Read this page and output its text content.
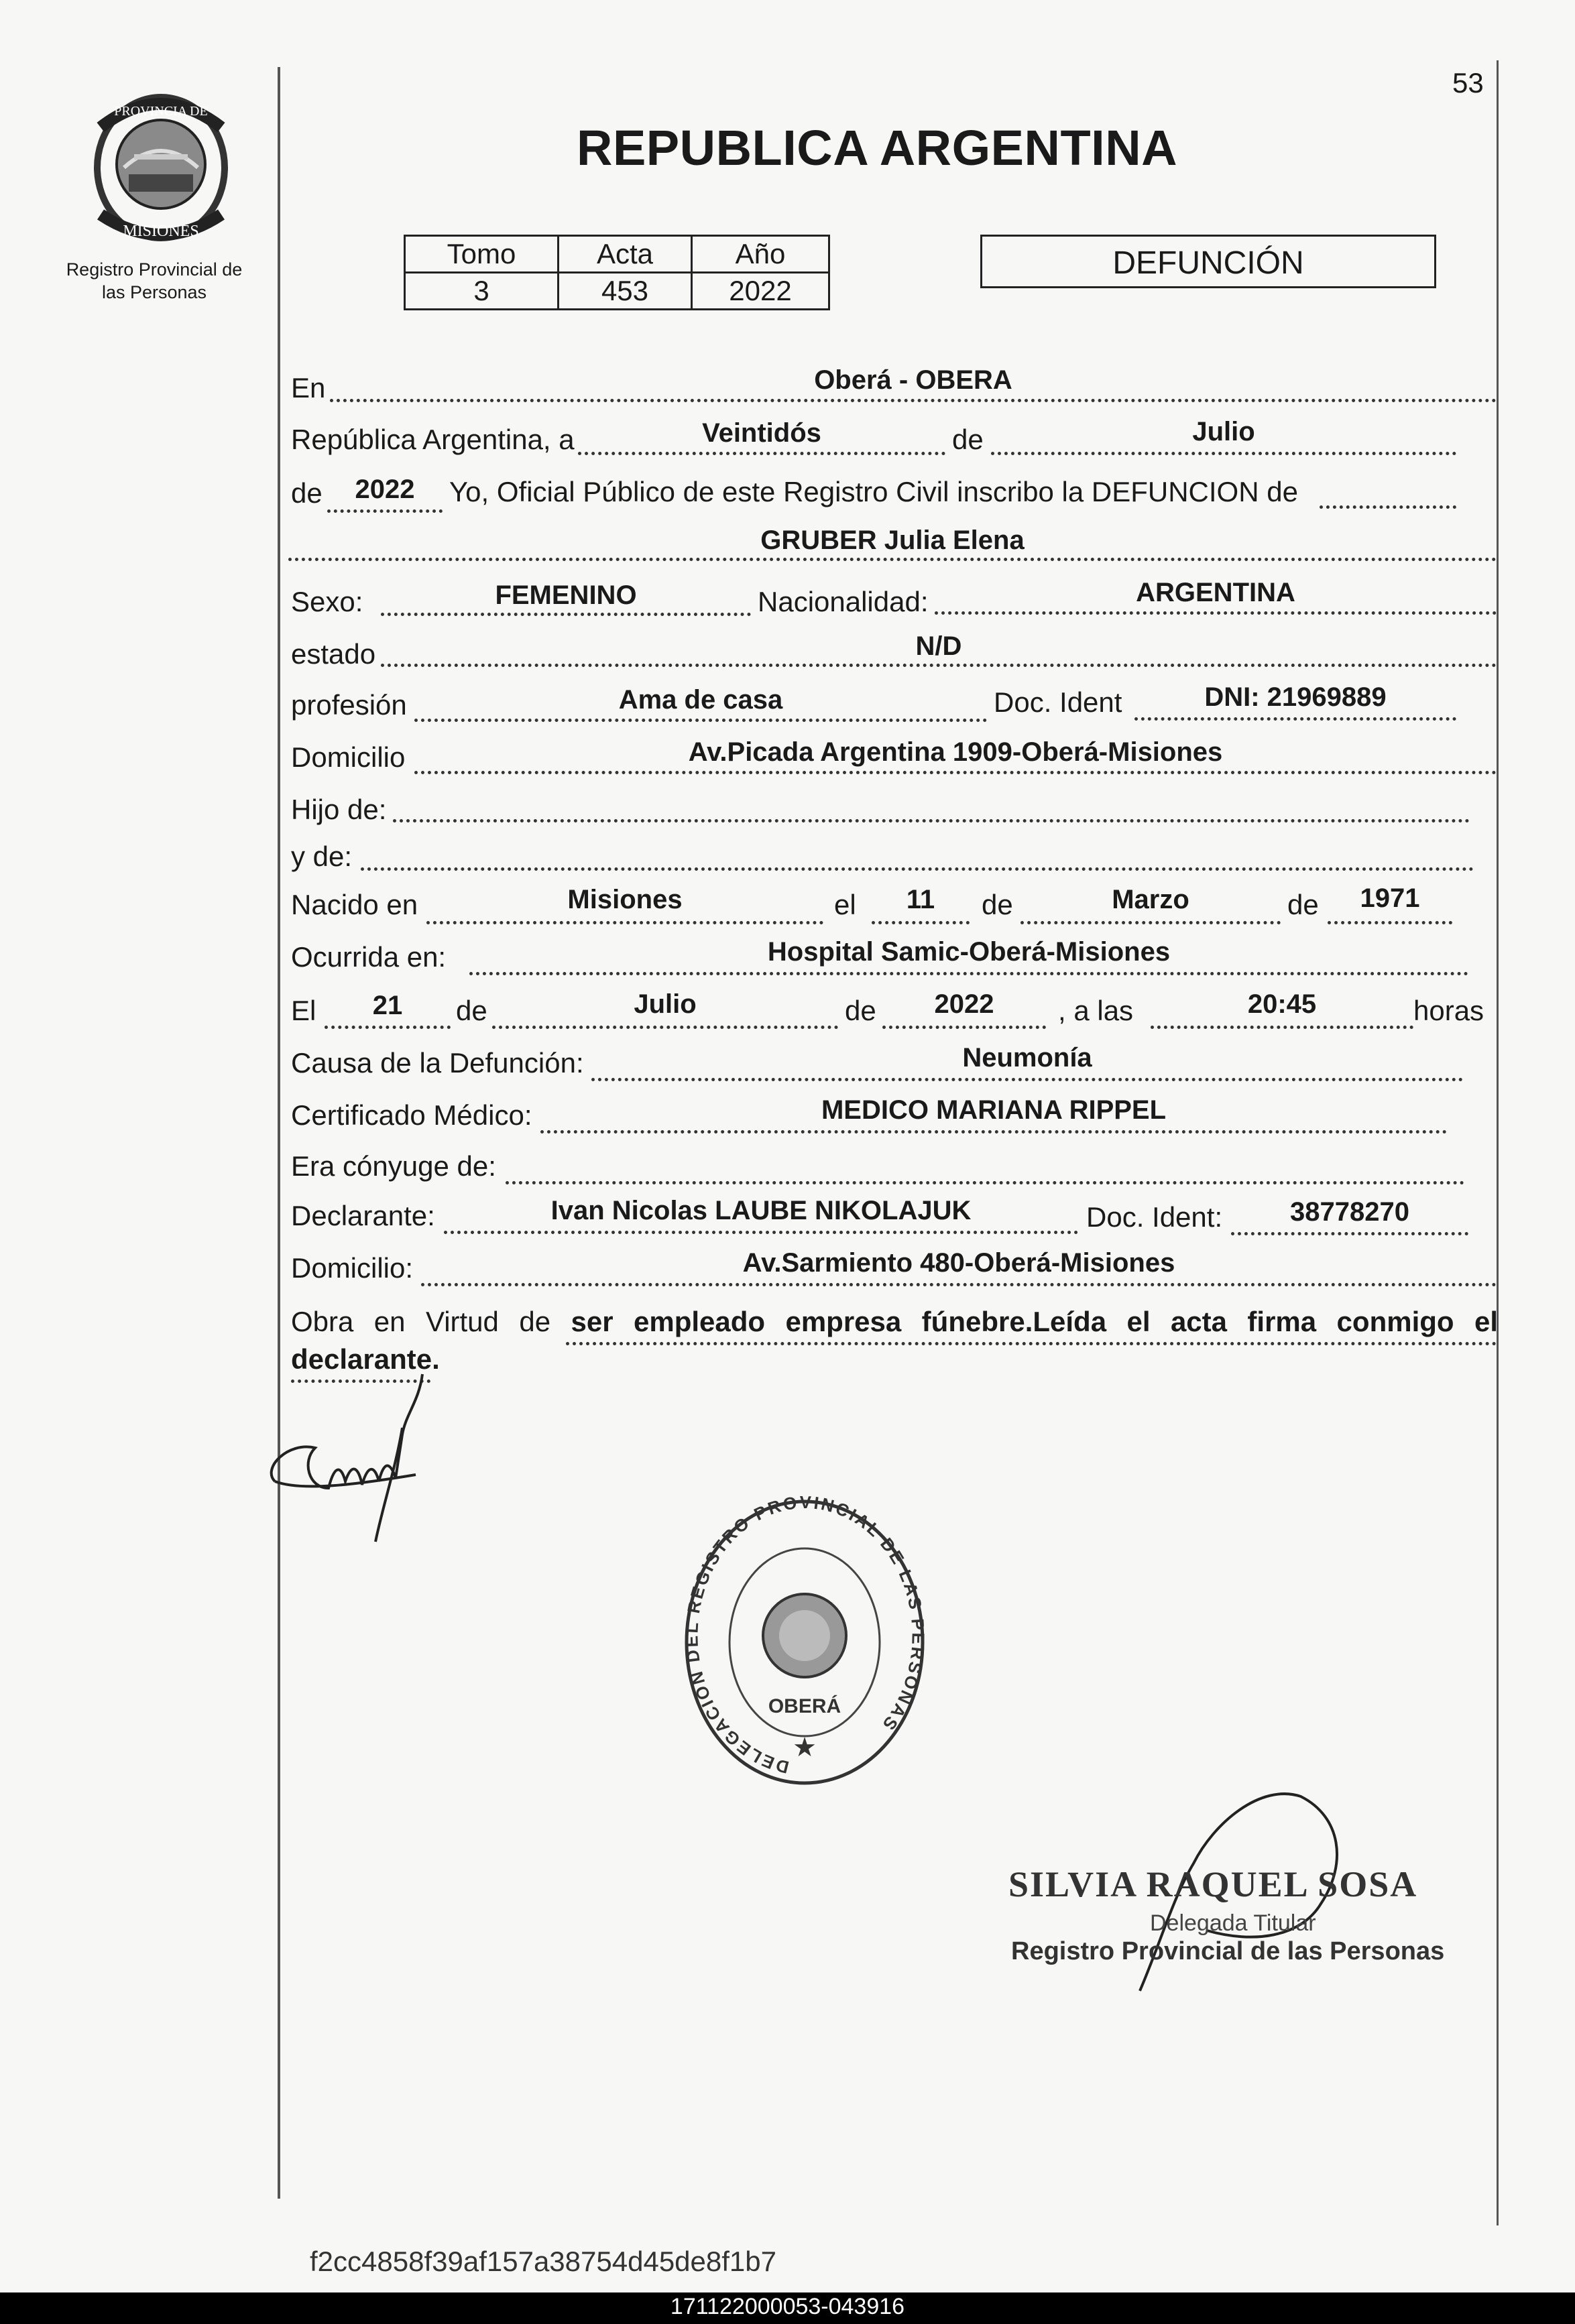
53
PROVINCIA DE
MISIONES
Registro Provincial de
las Personas
REPUBLICA ARGENTINA
Tomo	Acta	Año
3	453	2022
DEFUNCIÓN
En	Oberá - OBERA
República Argentina, a	Veintidós	de	Julio
de	2022	Yo, Oficial Público de este Registro Civil inscribo la DEFUNCION de
GRUBER Julia Elena
Sexo:	FEMENINO	Nacionalidad:	ARGENTINA
estado	N/D
profesión	Ama de casa	Doc. Ident	DNI: 21969889
Domicilio	Av.Picada Argentina 1909-Oberá-Misiones
Hijo de:
y de:
Nacido en	Misiones	el	11	de	Marzo	de	1971
Ocurrida en:	Hospital Samic-Oberá-Misiones
El	21	de	Julio	de	2022	, a las	20:45	horas
Causa de la Defunción:	Neumonía
Certificado Médico:	MEDICO MARIANA RIPPEL
Era cónyuge de:
Declarante:	Ivan Nicolas LAUBE NIKOLAJUK	Doc. Ident:	38778270
Domicilio:	Av.Sarmiento 480-Oberá-Misiones
Obra en Virtud de ser empleado empresa fúnebre.Leída el acta firma conmigo el declarante.
DELEGACION DEL REGISTRO PROVINCIAL DE LAS PERSONAS
OBERÁ
★
SILVIA RAQUEL SOSA
Delegada Titular
Registro Provincial de las Personas
f2cc4858f39af157a38754d45de8f1b7
171122000053-043916
